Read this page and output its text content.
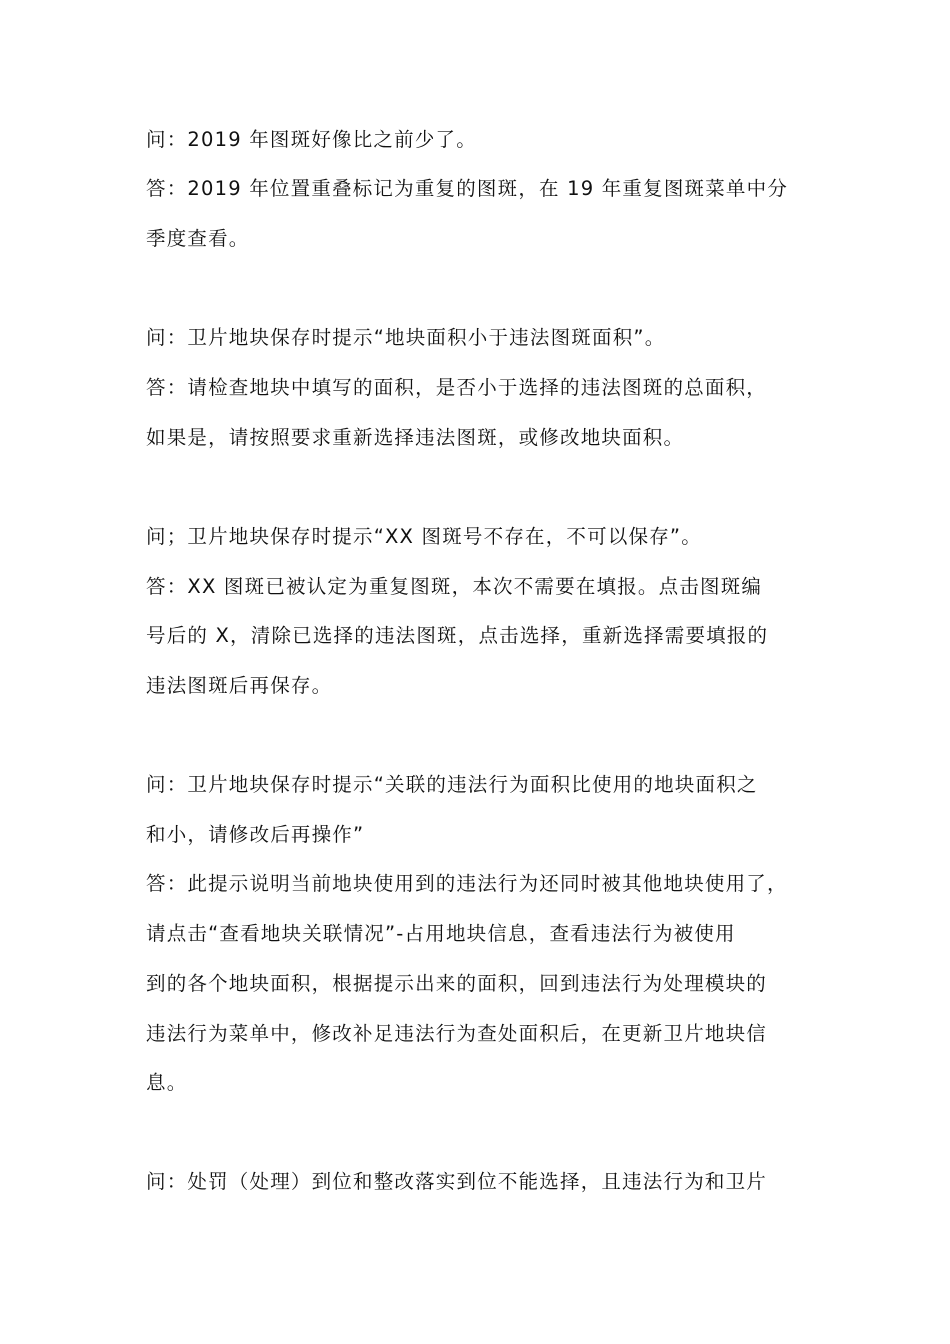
问：2019 年图斑好像比之前少了。
答：2019 年位置重叠标记为重复的图斑，在 19 年重复图斑菜单中分
季度查看。
问：卫片地块保存时提示“地块面积小于违法图斑面积”。
答：请检查地块中填写的面积，是否小于选择的违法图斑的总面积，
如果是，请按照要求重新选择违法图斑，或修改地块面积。
问；卫片地块保存时提示“XX 图斑号不存在，不可以保存”。
答：XX 图斑已被认定为重复图斑，本次不需要在填报。点击图斑编
号后的 X，清除已选择的违法图斑，点击选择，重新选择需要填报的
违法图斑后再保存。
问：卫片地块保存时提示“关联的违法行为面积比使用的地块面积之
和小，请修改后再操作”
答：此提示说明当前地块使用到的违法行为还同时被其他地块使用了，
请点击“查看地块关联情况”-占用地块信息，查看违法行为被使用
到的各个地块面积，根据提示出来的面积，回到违法行为处理模块的
违法行为菜单中，修改补足违法行为查处面积后，在更新卫片地块信
息。
问：处罚（处理）到位和整改落实到位不能选择，且违法行为和卫片
